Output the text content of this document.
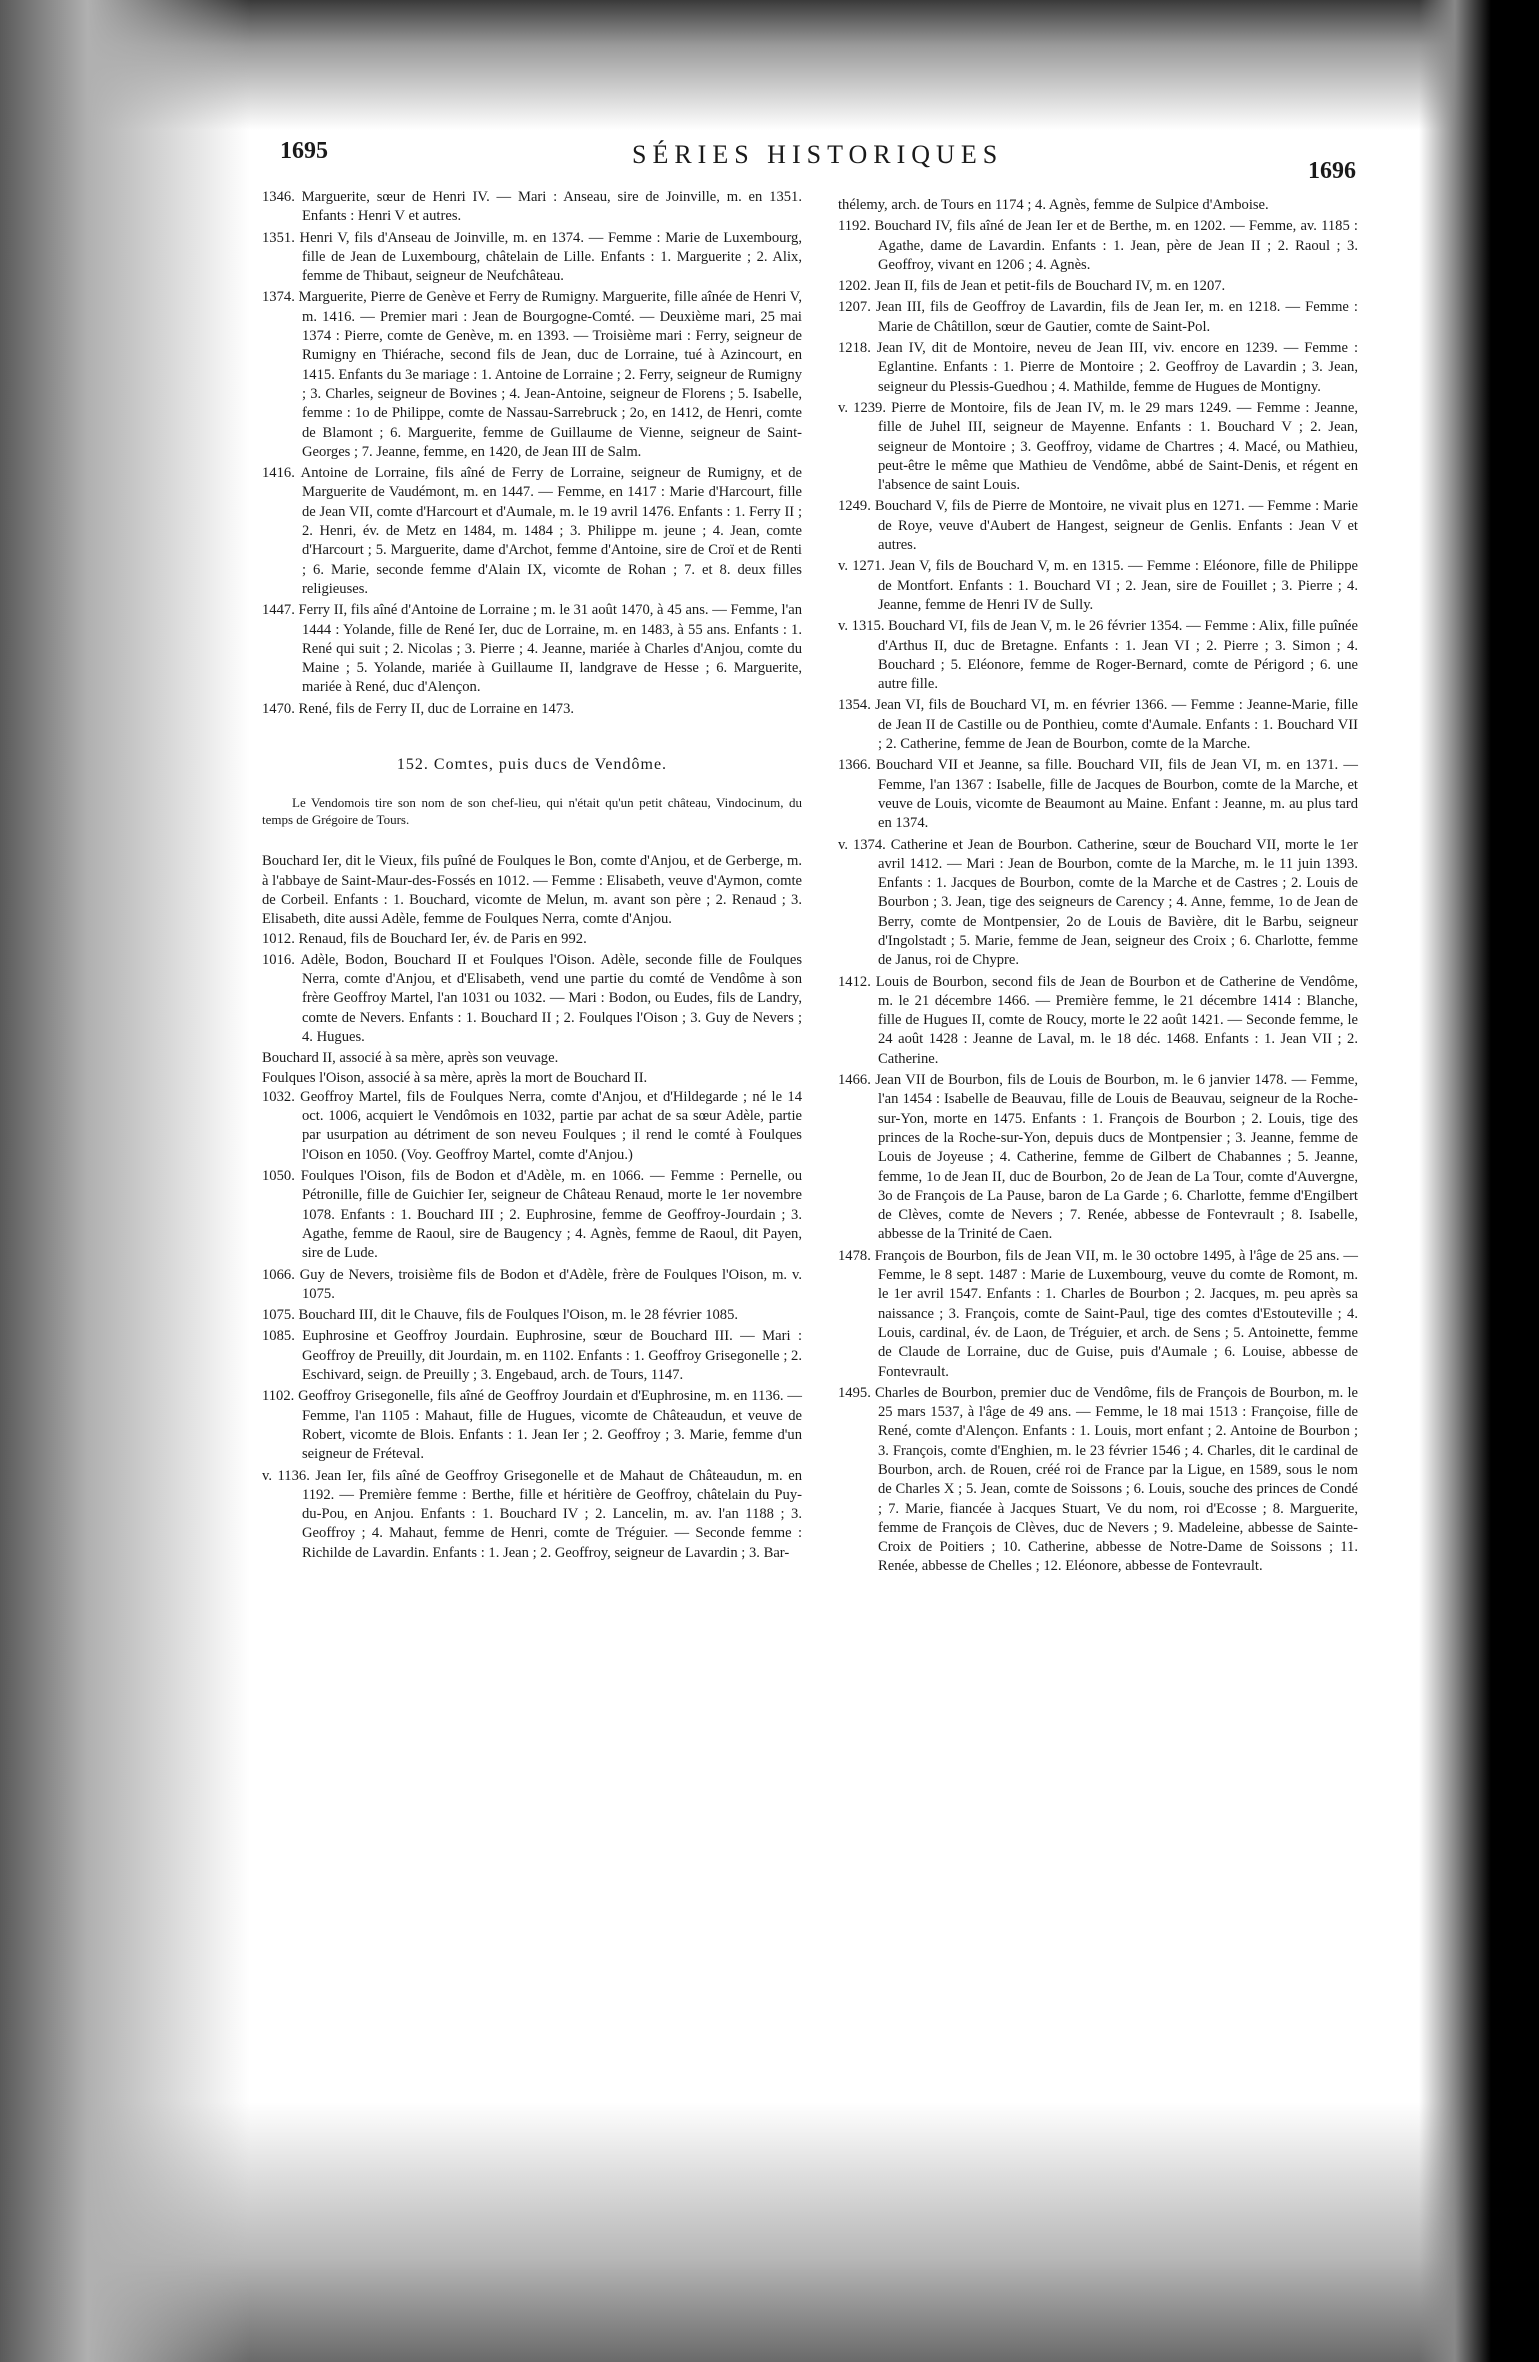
1695	SÉRIES HISTORIQUES
1696

1346. Marguerite, sœur de Henri IV. — Mari : Anseau, sire de Joinville, m. en 1351. Enfants : Henri V et autres.

1351. Henri V, fils d'Anseau de Joinville, m. en 1374. — Femme : Marie de Luxembourg, fille de Jean de Luxembourg, châtelain de Lille. Enfants : 1. Marguerite ; 2. Alix, femme de Thibaut, seigneur de Neufchâteau.

1374. Marguerite, Pierre de Genève et Ferry de Rumigny. Marguerite, fille aînée de Henri V, m. 1416. — Premier mari : Jean de Bourgogne-Comté. — Deuxième mari, 25 mai 1374 : Pierre, comte de Genève, m. en 1393. — Troisième mari : Ferry, seigneur de Rumigny en Thiérache, second fils de Jean, duc de Lorraine, tué à Azincourt, en 1415. Enfants du 3e mariage : 1. Antoine de Lorraine ; 2. Ferry, seigneur de Rumigny ; 3. Charles, seigneur de Bovines ; 4. Jean-Antoine, seigneur de Florens ; 5. Isabelle, femme : 1o de Philippe, comte de Nassau-Sarrebruck ; 2o, en 1412, de Henri, comte de Blamont ; 6. Marguerite, femme de Guillaume de Vienne, seigneur de Saint-Georges ; 7. Jeanne, femme, en 1420, de Jean III de Salm.

1416. Antoine de Lorraine, fils aîné de Ferry de Lorraine, seigneur de Rumigny, et de Marguerite de Vaudémont, m. en 1447. — Femme, en 1417 : Marie d'Harcourt, fille de Jean VII, comte d'Harcourt et d'Aumale, m. le 19 avril 1476. Enfants : 1. Ferry II ; 2. Henri, év. de Metz en 1484, m. 1484 ; 3. Philippe m. jeune ; 4. Jean, comte d'Harcourt ; 5. Marguerite, dame d'Archot, femme d'Antoine, sire de Croï et de Renti ; 6. Marie, seconde femme d'Alain IX, vicomte de Rohan ; 7. et 8. deux filles religieuses.

1447. Ferry II, fils aîné d'Antoine de Lorraine ; m. le 31 août 1470, à 45 ans. — Femme, l'an 1444 : Yolande, fille de René Ier, duc de Lorraine, m. en 1483, à 55 ans. Enfants : 1. René qui suit ; 2. Nicolas ; 3. Pierre ; 4. Jeanne, mariée à Charles d'Anjou, comte du Maine ; 5. Yolande, mariée à Guillaume II, landgrave de Hesse ; 6. Marguerite, mariée à René, duc d'Alençon.

1470. René, fils de Ferry II, duc de Lorraine en 1473.

152. Comtes, puis ducs de Vendôme.

Le Vendomois tire son nom de son chef-lieu, qui n'était qu'un petit château, Vindocinum, du temps de Grégoire de Tours.

Bouchard Ier, dit le Vieux, fils puîné de Foulques le Bon, comte d'Anjou, et de Gerberge, m. à l'abbaye de Saint-Maur-des-Fossés en 1012. — Femme : Elisabeth, veuve d'Aymon, comte de Corbeil. Enfants : 1. Bouchard, vicomte de Melun, m. avant son père ; 2. Renaud ; 3. Elisabeth, dite aussi Adèle, femme de Foulques Nerra, comte d'Anjou.

1012. Renaud, fils de Bouchard Ier, év. de Paris en 992.

1016. Adèle, Bodon, Bouchard II et Foulques l'Oison. Adèle, seconde fille de Foulques Nerra, comte d'Anjou, et d'Elisabeth, vend une partie du comté de Vendôme à son frère Geoffroy Martel, l'an 1031 ou 1032. — Mari : Bodon, ou Eudes, fils de Landry, comte de Nevers. Enfants : 1. Bouchard II ; 2. Foulques l'Oison ; 3. Guy de Nevers ; 4. Hugues.

Bouchard II, associé à sa mère, après son veuvage.

Foulques l'Oison, associé à sa mère, après la mort de Bouchard II.

1032. Geoffroy Martel, fils de Foulques Nerra, comte d'Anjou, et d'Hildegarde ; né le 14 oct. 1006, acquiert le Vendômois en 1032, partie par achat de sa sœur Adèle, partie par usurpation au détriment de son neveu Foulques ; il rend le comté à Foulques l'Oison en 1050. (Voy. Geoffroy Martel, comte d'Anjou.)

1050. Foulques l'Oison, fils de Bodon et d'Adèle, m. en 1066. — Femme : Pernelle, ou Pétronille, fille de Guichier Ier, seigneur de Château Renaud, morte le 1er novembre 1078. Enfants : 1. Bouchard III ; 2. Euphrosine, femme de Geoffroy-Jourdain ; 3. Agathe, femme de Raoul, sire de Baugency ; 4. Agnès, femme de Raoul, dit Payen, sire de Lude.

1066. Guy de Nevers, troisième fils de Bodon et d'Adèle, frère de Foulques l'Oison, m. v. 1075.

1075. Bouchard III, dit le Chauve, fils de Foulques l'Oison, m. le 28 février 1085.

1085. Euphrosine et Geoffroy Jourdain. Euphrosine, sœur de Bouchard III. — Mari : Geoffroy de Preuilly, dit Jourdain, m. en 1102. Enfants : 1. Geoffroy Grisegonelle ; 2. Eschivard, seign. de Preuilly ; 3. Engebaud, arch. de Tours, 1147.

1102. Geoffroy Grisegonelle, fils aîné de Geoffroy Jourdain et d'Euphrosine, m. en 1136. — Femme, l'an 1105 : Mahaut, fille de Hugues, vicomte de Châteaudun, et veuve de Robert, vicomte de Blois. Enfants : 1. Jean Ier ; 2. Geoffroy ; 3. Marie, femme d'un seigneur de Fréteval.

v. 1136. Jean Ier, fils aîné de Geoffroy Grisegonelle et de Mahaut de Châteaudun, m. en 1192. — Première femme : Berthe, fille et héritière de Geoffroy, châtelain du Puy-du-Pou, en Anjou. Enfants : 1. Bouchard IV ; 2. Lancelin, m. av. l'an 1188 ; 3. Geoffroy ; 4. Mahaut, femme de Henri, comte de Tréguier. — Seconde femme : Richilde de Lavardin. Enfants : 1. Jean ; 2. Geoffroy, seigneur de Lavardin ; 3. Bar-

thélemy, arch. de Tours en 1174 ; 4. Agnès, femme de Sulpice d'Amboise.

1192. Bouchard IV, fils aîné de Jean Ier et de Berthe, m. en 1202. — Femme, av. 1185 : Agathe, dame de Lavardin. Enfants : 1. Jean, père de Jean II ; 2. Raoul ; 3. Geoffroy, vivant en 1206 ; 4. Agnès.

1202. Jean II, fils de Jean et petit-fils de Bouchard IV, m. en 1207.

1207. Jean III, fils de Geoffroy de Lavardin, fils de Jean Ier, m. en 1218. — Femme : Marie de Châtillon, sœur de Gautier, comte de Saint-Pol.

1218. Jean IV, dit de Montoire, neveu de Jean III, viv. encore en 1239. — Femme : Eglantine. Enfants : 1. Pierre de Montoire ; 2. Geoffroy de Lavardin ; 3. Jean, seigneur du Plessis-Guedhou ; 4. Mathilde, femme de Hugues de Montigny.

v. 1239. Pierre de Montoire, fils de Jean IV, m. le 29 mars 1249. — Femme : Jeanne, fille de Juhel III, seigneur de Mayenne. Enfants : 1. Bouchard V ; 2. Jean, seigneur de Montoire ; 3. Geoffroy, vidame de Chartres ; 4. Macé, ou Mathieu, peut-être le même que Mathieu de Vendôme, abbé de Saint-Denis, et régent en l'absence de saint Louis.

1249. Bouchard V, fils de Pierre de Montoire, ne vivait plus en 1271. — Femme : Marie de Roye, veuve d'Aubert de Hangest, seigneur de Genlis. Enfants : Jean V et autres.

v. 1271. Jean V, fils de Bouchard V, m. en 1315. — Femme : Eléonore, fille de Philippe de Montfort. Enfants : 1. Bouchard VI ; 2. Jean, sire de Fouillet ; 3. Pierre ; 4. Jeanne, femme de Henri IV de Sully.

v. 1315. Bouchard VI, fils de Jean V, m. le 26 février 1354. — Femme : Alix, fille puînée d'Arthus II, duc de Bretagne. Enfants : 1. Jean VI ; 2. Pierre ; 3. Simon ; 4. Bouchard ; 5. Eléonore, femme de Roger-Bernard, comte de Périgord ; 6. une autre fille.

1354. Jean VI, fils de Bouchard VI, m. en février 1366. — Femme : Jeanne-Marie, fille de Jean II de Castille ou de Ponthieu, comte d'Aumale. Enfants : 1. Bouchard VII ; 2. Catherine, femme de Jean de Bourbon, comte de la Marche.

1366. Bouchard VII et Jeanne, sa fille. Bouchard VII, fils de Jean VI, m. en 1371. — Femme, l'an 1367 : Isabelle, fille de Jacques de Bourbon, comte de la Marche, et veuve de Louis, vicomte de Beaumont au Maine. Enfant : Jeanne, m. au plus tard en 1374.

v. 1374. Catherine et Jean de Bourbon. Catherine, sœur de Bouchard VII, morte le 1er avril 1412. — Mari : Jean de Bourbon, comte de la Marche, m. le 11 juin 1393. Enfants : 1. Jacques de Bourbon, comte de la Marche et de Castres ; 2. Louis de Bourbon ; 3. Jean, tige des seigneurs de Carency ; 4. Anne, femme, 1o de Jean de Berry, comte de Montpensier, 2o de Louis de Bavière, dit le Barbu, seigneur d'Ingolstadt ; 5. Marie, femme de Jean, seigneur des Croix ; 6. Charlotte, femme de Janus, roi de Chypre.

1412. Louis de Bourbon, second fils de Jean de Bourbon et de Catherine de Vendôme, m. le 21 décembre 1466. — Première femme, le 21 décembre 1414 : Blanche, fille de Hugues II, comte de Roucy, morte le 22 août 1421. — Seconde femme, le 24 août 1428 : Jeanne de Laval, m. le 18 déc. 1468. Enfants : 1. Jean VII ; 2. Catherine.

1466. Jean VII de Bourbon, fils de Louis de Bourbon, m. le 6 janvier 1478. — Femme, l'an 1454 : Isabelle de Beauvau, fille de Louis de Beauvau, seigneur de la Roche-sur-Yon, morte en 1475. Enfants : 1. François de Bourbon ; 2. Louis, tige des princes de la Roche-sur-Yon, depuis ducs de Montpensier ; 3. Jeanne, femme de Louis de Joyeuse ; 4. Catherine, femme de Gilbert de Chabannes ; 5. Jeanne, femme, 1o de Jean II, duc de Bourbon, 2o de Jean de La Tour, comte d'Auvergne, 3o de François de La Pause, baron de La Garde ; 6. Charlotte, femme d'Engilbert de Clèves, comte de Nevers ; 7. Renée, abbesse de Fontevrault ; 8. Isabelle, abbesse de la Trinité de Caen.

1478. François de Bourbon, fils de Jean VII, m. le 30 octobre 1495, à l'âge de 25 ans. — Femme, le 8 sept. 1487 : Marie de Luxembourg, veuve du comte de Romont, m. le 1er avril 1547. Enfants : 1. Charles de Bourbon ; 2. Jacques, m. peu après sa naissance ; 3. François, comte de Saint-Paul, tige des comtes d'Estouteville ; 4. Louis, cardinal, év. de Laon, de Tréguier, et arch. de Sens ; 5. Antoinette, femme de Claude de Lorraine, duc de Guise, puis d'Aumale ; 6. Louise, abbesse de Fontevrault.

1495. Charles de Bourbon, premier duc de Vendôme, fils de François de Bourbon, m. le 25 mars 1537, à l'âge de 49 ans. — Femme, le 18 mai 1513 : Françoise, fille de René, comte d'Alençon. Enfants : 1. Louis, mort enfant ; 2. Antoine de Bourbon ; 3. François, comte d'Enghien, m. le 23 février 1546 ; 4. Charles, dit le cardinal de Bourbon, arch. de Rouen, créé roi de France par la Ligue, en 1589, sous le nom de Charles X ; 5. Jean, comte de Soissons ; 6. Louis, souche des princes de Condé ; 7. Marie, fiancée à Jacques Stuart, Ve du nom, roi d'Ecosse ; 8. Marguerite, femme de François de Clèves, duc de Nevers ; 9. Madeleine, abbesse de Sainte-Croix de Poitiers ; 10. Catherine, abbesse de Notre-Dame de Soissons ; 11. Renée, abbesse de Chelles ; 12. Eléonore, abbesse de Fontevrault.
